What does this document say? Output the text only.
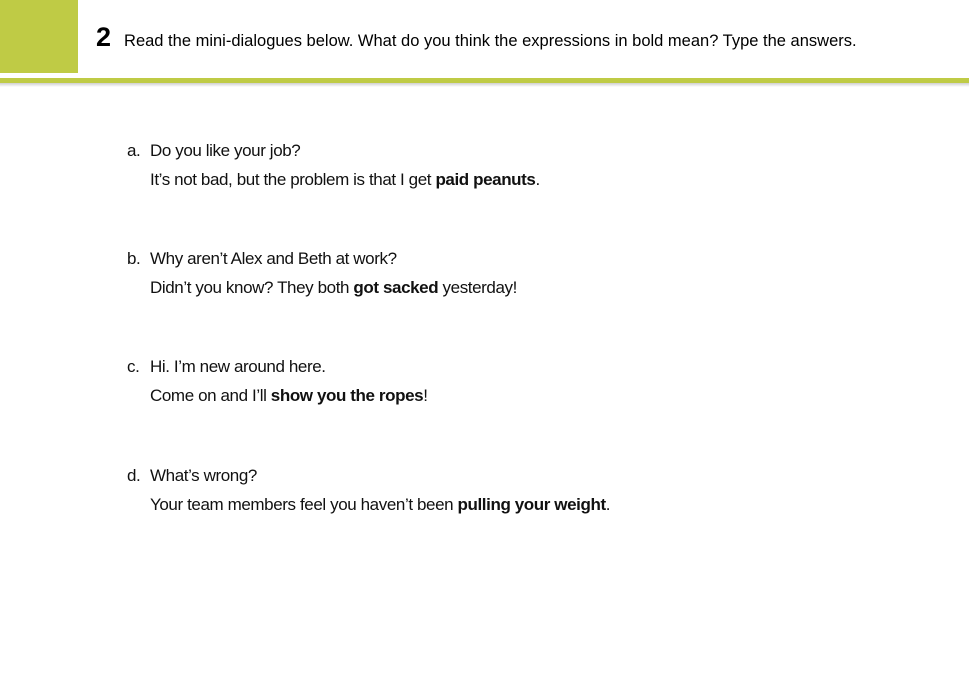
2 Read the mini-dialogues below. What do you think the expressions in bold mean? Type the answers.
a. Do you like your job?
It’s not bad, but the problem is that I get paid peanuts.
b. Why aren’t Alex and Beth at work?
Didn’t you know? They both got sacked yesterday!
c. Hi. I’m new around here.
Come on and I’ll show you the ropes!
d. What’s wrong?
Your team members feel you haven’t been pulling your weight.
